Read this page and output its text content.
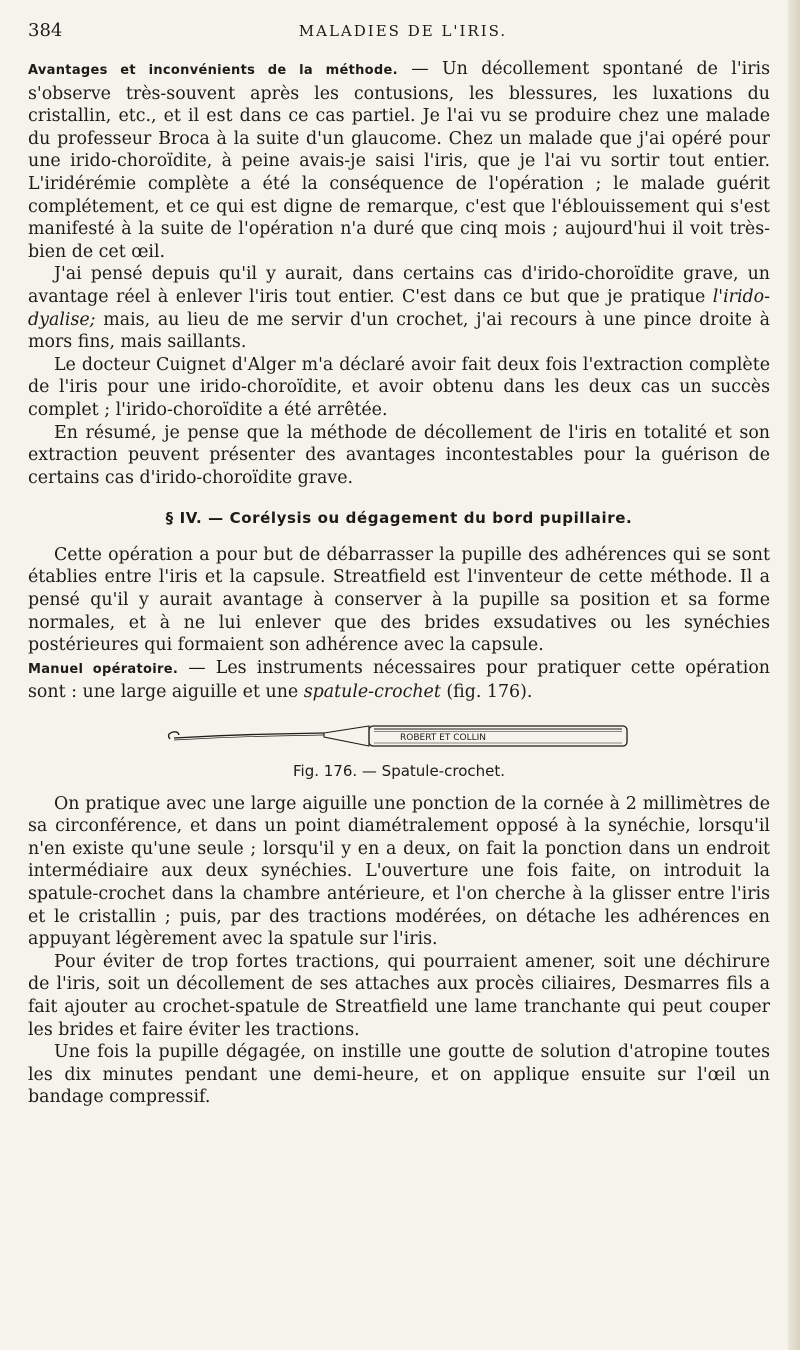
384	MALADIES DE L'IRIS.

Avantages et inconvénients de la méthode. — Un décollement spontané de l'iris s'observe très-souvent après les contusions, les blessures, les luxations du cristallin, etc., et il est dans ce cas partiel. Je l'ai vu se produire chez une malade du professeur Broca à la suite d'un glaucome. Chez un malade que j'ai opéré pour une irido-choroïdite, à peine avais-je saisi l'iris, que je l'ai vu sortir tout entier. L'iridérémie complète a été la conséquence de l'opération ; le malade guérit complétement, et ce qui est digne de remarque, c'est que l'éblouissement qui s'est manifesté à la suite de l'opération n'a duré que cinq mois ; aujourd'hui il voit très-bien de cet œil.

J'ai pensé depuis qu'il y aurait, dans certains cas d'irido-choroïdite grave, un avantage réel à enlever l'iris tout entier. C'est dans ce but que je pratique l'irido-dyalise; mais, au lieu de me servir d'un crochet, j'ai recours à une pince droite à mors fins, mais saillants.

Le docteur Cuignet d'Alger m'a déclaré avoir fait deux fois l'extraction complète de l'iris pour une irido-choroïdite, et avoir obtenu dans les deux cas un succès complet ; l'irido-choroïdite a été arrêtée.

En résumé, je pense que la méthode de décollement de l'iris en totalité et son extraction peuvent présenter des avantages incontestables pour la guérison de certains cas d'irido-choroïdite grave.

§ IV. — Corélysis ou dégagement du bord pupillaire.

Cette opération a pour but de débarrasser la pupille des adhérences qui se sont établies entre l'iris et la capsule. Streatfield est l'inventeur de cette méthode. Il a pensé qu'il y aurait avantage à conserver à la pupille sa position et sa forme normales, et à ne lui enlever que des brides exsudatives ou les synéchies postérieures qui formaient son adhérence avec la capsule.

Manuel opératoire. — Les instruments nécessaires pour pratiquer cette opération sont : une large aiguille et une spatule-crochet (fig. 176).

ROBERT ET COLLIN
Fig. 176. — Spatule-crochet.

On pratique avec une large aiguille une ponction de la cornée à 2 millimètres de sa circonférence, et dans un point diamétralement opposé à la synéchie, lorsqu'il n'en existe qu'une seule ; lorsqu'il y en a deux, on fait la ponction dans un endroit intermédiaire aux deux synéchies. L'ouverture une fois faite, on introduit la spatule-crochet dans la chambre antérieure, et l'on cherche à la glisser entre l'iris et le cristallin ; puis, par des tractions modérées, on détache les adhérences en appuyant légèrement avec la spatule sur l'iris.

Pour éviter de trop fortes tractions, qui pourraient amener, soit une déchirure de l'iris, soit un décollement de ses attaches aux procès ciliaires, Desmarres fils a fait ajouter au crochet-spatule de Streatfield une lame tranchante qui peut couper les brides et faire éviter les tractions.

Une fois la pupille dégagée, on instille une goutte de solution d'atropine toutes les dix minutes pendant une demi-heure, et on applique ensuite sur l'œil un bandage compressif.
